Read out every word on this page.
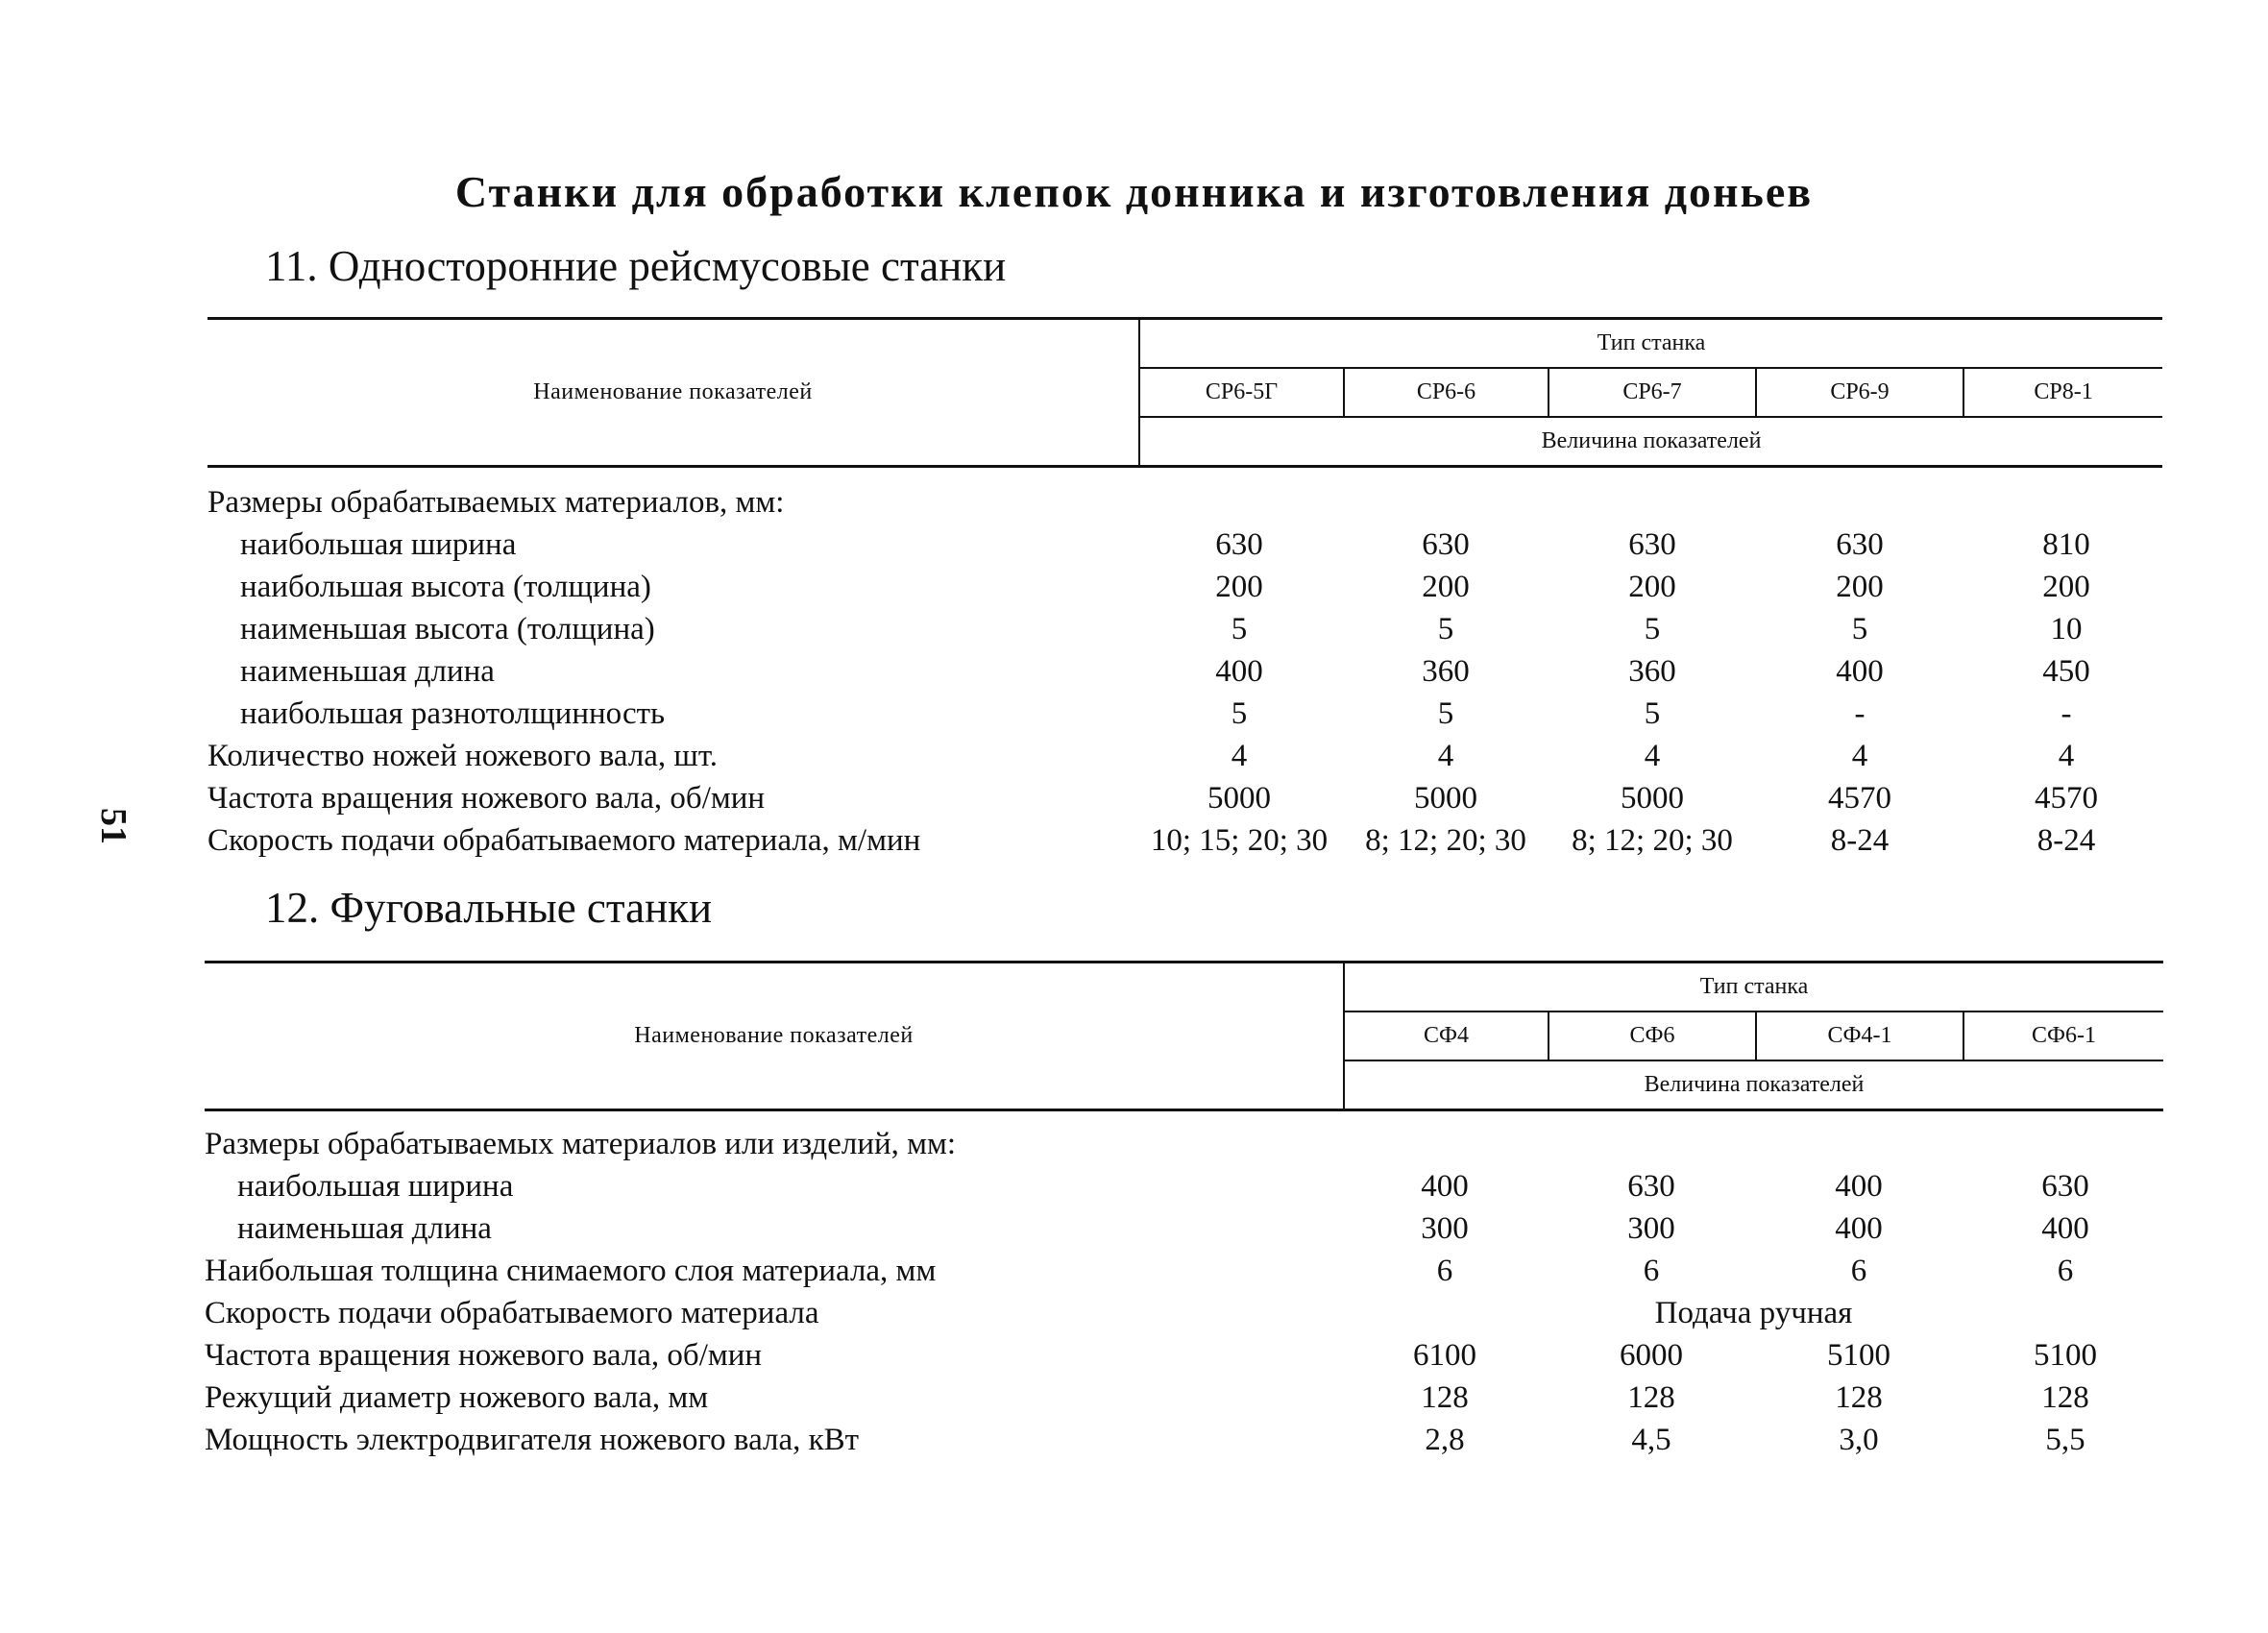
Станки для обработки клепок донника и изготовления доньев
51
11. Односторонние рейсмусовые станки
Наименование показателей	Тип станка				
	СР6-5Г	СР6-6	СР6-7	СР6-9	СР8-1
	Величина показателей				
Размеры обрабатываемых материалов, мм:
наибольшая ширина	630	630	630	630	810
наибольшая высота (толщина)	200	200	200	200	200
наименьшая высота (толщина)	5	5	5	5	10
наименьшая длина	400	360	360	400	450
наибольшая разнотолщинность	5	5	5	-	-
Количество ножей ножевого вала, шт.	4	4	4	4	4
Частота вращения ножевого вала, об/мин	5000	5000	5000	4570	4570
Скорость подачи обрабатываемого материала, м/мин	10; 15; 20; 30	8; 12; 20; 30	8; 12; 20; 30	8-24	8-24
12. Фуговальные станки
Наименование показателей	Тип станка			
	СФ4	СФ6	СФ4-1	СФ6-1
	Величина показателей			
Размеры обрабатываемых материалов или изделий, мм:
наибольшая ширина	400	630	400	630
наименьшая длина	300	300	400	400
Наибольшая толщина снимаемого слоя материала, мм	6	6	6	6
Скорость подачи обрабатываемого материала	Подача ручная
Частота вращения ножевого вала, об/мин	6100	6000	5100	5100
Режущий диаметр ножевого вала, мм	128	128	128	128
Мощность электродвигателя ножевого вала, кВт	2,8	4,5	3,0	5,5
